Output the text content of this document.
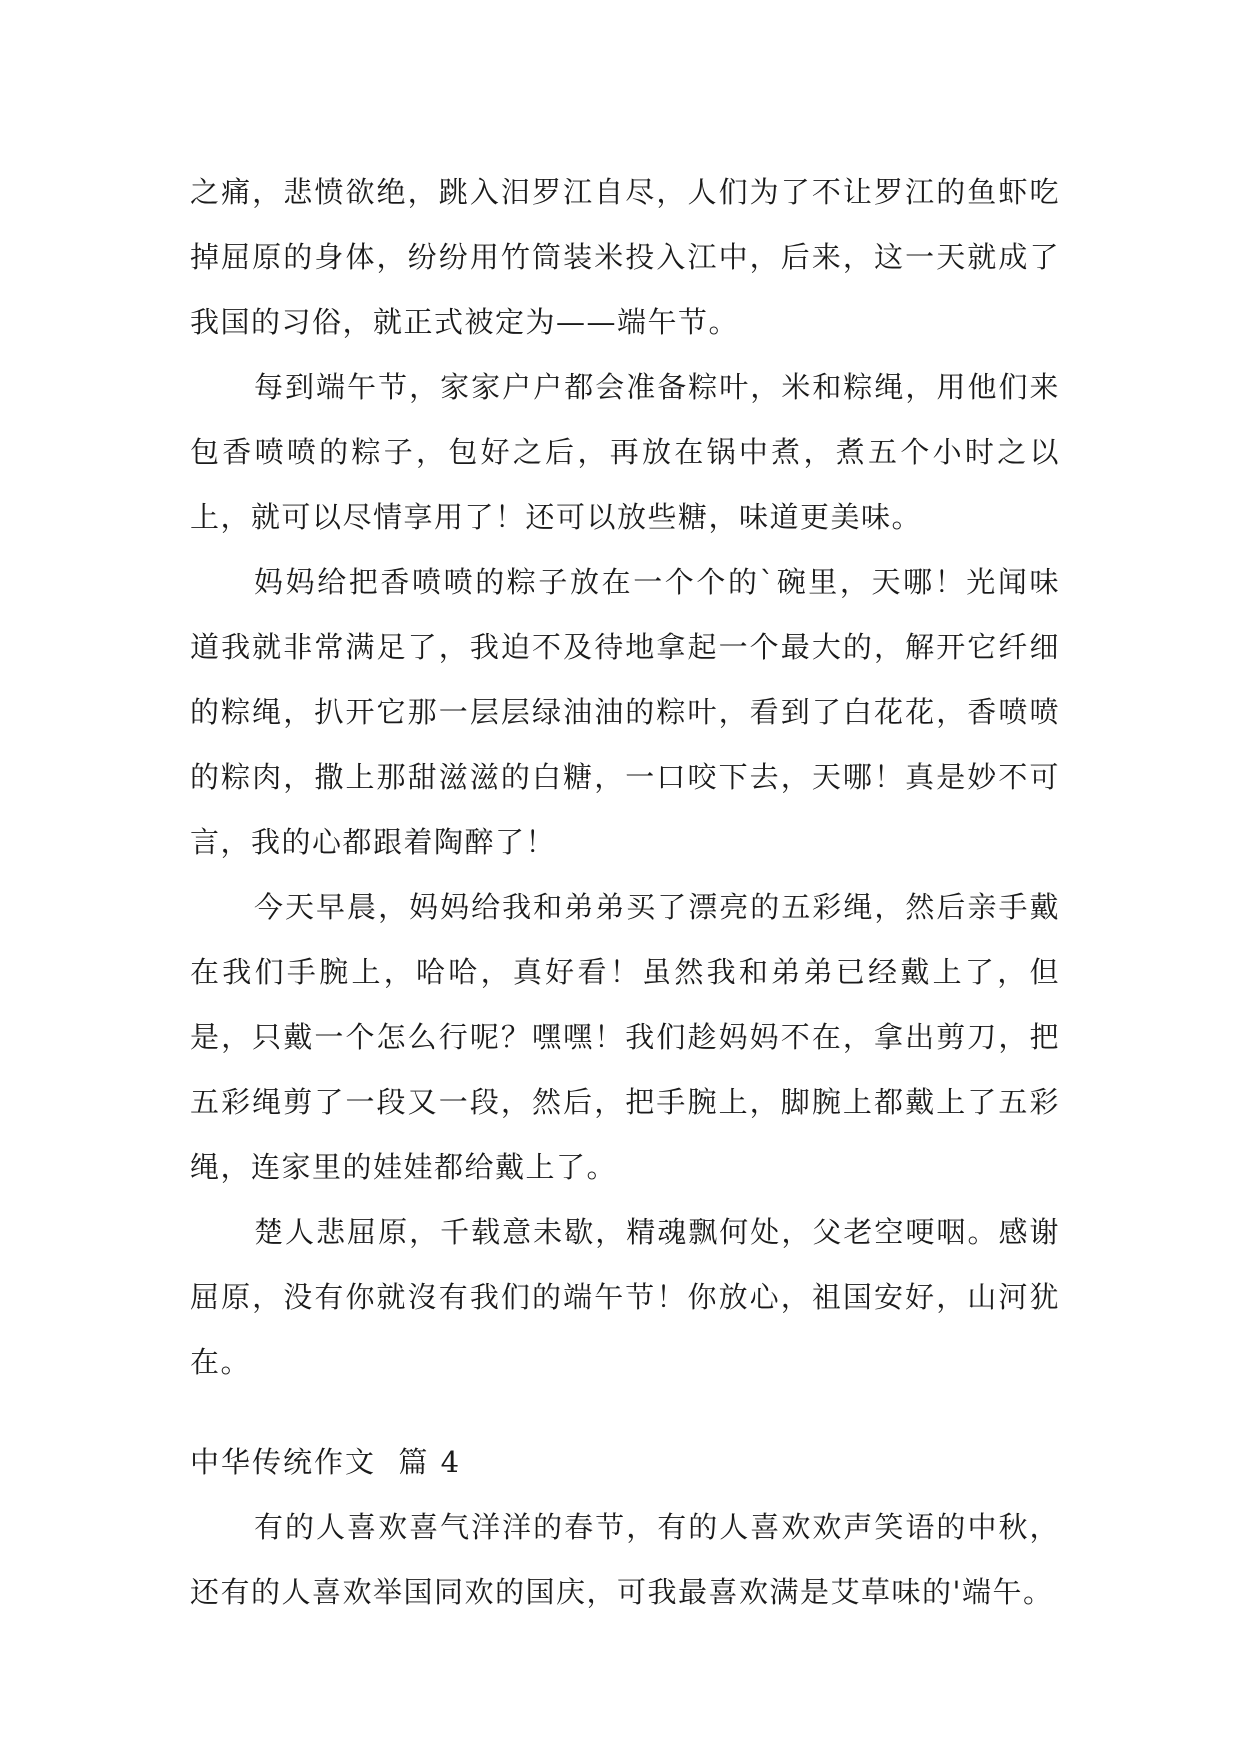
之痛，悲愤欲绝，跳入汨罗江自尽，人们为了不让罗江的鱼虾吃掉屈原的身体，纷纷用竹筒装米投入江中，后来，这一天就成了我国的习俗，就正式被定为——端午节。

每到端午节，家家户户都会准备粽叶，米和粽绳，用他们来包香喷喷的粽子，包好之后，再放在锅中煮，煮五个小时之以上，就可以尽情享用了！还可以放些糖，味道更美味。

妈妈给把香喷喷的粽子放在一个个的`碗里，天哪！光闻味道我就非常满足了，我迫不及待地拿起一个最大的，解开它纤细的粽绳，扒开它那一层层绿油油的粽叶，看到了白花花，香喷喷的粽肉，撒上那甜滋滋的白糖，一口咬下去，天哪！真是妙不可言，我的心都跟着陶醉了！

今天早晨，妈妈给我和弟弟买了漂亮的五彩绳，然后亲手戴在我们手腕上，哈哈，真好看！虽然我和弟弟已经戴上了，但是，只戴一个怎么行呢？嘿嘿！我们趁妈妈不在，拿出剪刀，把五彩绳剪了一段又一段，然后，把手腕上，脚腕上都戴上了五彩绳，连家里的娃娃都给戴上了。

楚人悲屈原，千载意未歇，精魂飘何处，父老空哽咽。感谢屈原，没有你就沒有我们的端午节！你放心，祖国安好，山河犹在。

中华传统作文  篇 4

有的人喜欢喜气洋洋的春节，有的人喜欢欢声笑语的中秋，还有的人喜欢举国同欢的国庆，可我最喜欢满是艾草味的'端午。
